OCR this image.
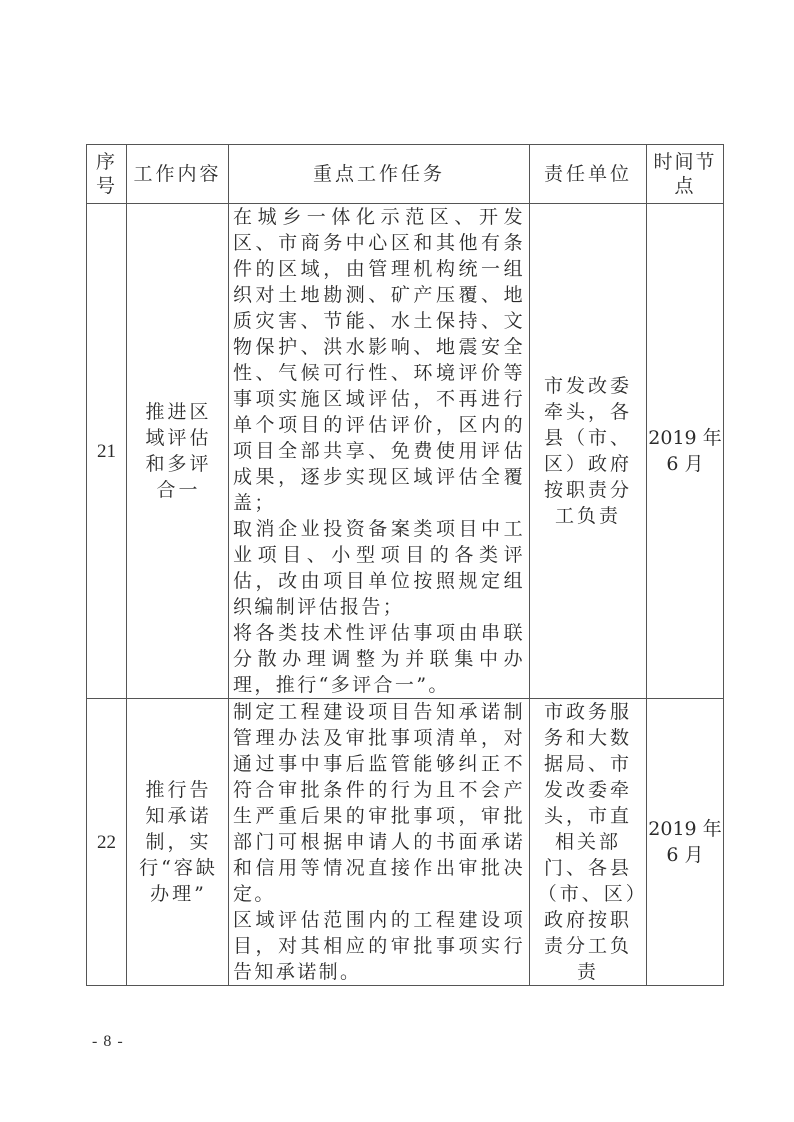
序号	工作内容	重点工作任务	责任单位	时间节点
21	推进区域评估和多评合一	在城乡一体化示范区、开发区、市商务中心区和其他有条件的区域，由管理机构统一组织对土地勘测、矿产压覆、地质灾害、节能、水土保持、文物保护、洪水影响、地震安全性、气候可行性、环境评价等事项实施区域评估，不再进行单个项目的评估评价，区内的项目全部共享、免费使用评估成果，逐步实现区域评估全覆盖；
取消企业投资备案类项目中工业项目、小型项目的各类评估，改由项目单位按照规定组织编制评估报告；
将各类技术性评估事项由串联分散办理调整为并联集中办理，推行“多评合一”。	市发改委牵头，各县（市、区）政府按职责分工负责	2019 年
6 月

22	推行告知承诺制，实行“容缺办理”	制定工程建设项目告知承诺制管理办法及审批事项清单，对通过事中事后监管能够纠正不符合审批条件的行为且不会产生严重后果的审批事项，审批部门可根据申请人的书面承诺和信用等情况直接作出审批决定。
区域评估范围内的工程建设项目，对其相应的审批事项实行告知承诺制。	市政务服务和大数据局、市发改委牵头，市直相关部门、各县（市、区）政府按职责分工负责	2019 年
6 月
- 8 -
